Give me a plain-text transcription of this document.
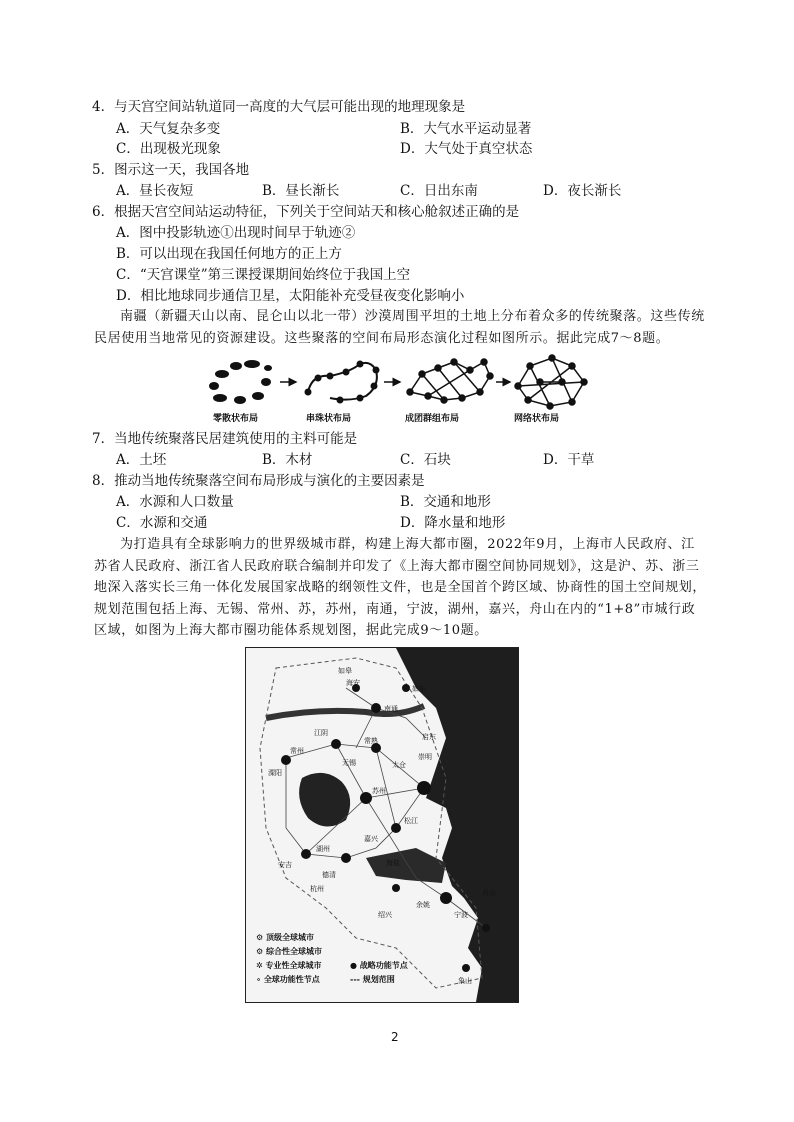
4．与天宫空间站轨道同一高度的大气层可能出现的地理现象是
A．天气复杂多变	B．大气水平运动显著
C．出现极光现象	D．大气处于真空状态
5．图示这一天，我国各地
A．昼长夜短	B．昼长渐长	C．日出东南	D．夜长渐长
6．根据天宫空间站运动特征，下列关于空间站天和核心舱叙述正确的是
A．图中投影轨迹①出现时间早于轨迹②
B．可以出现在我国任何地方的正上方
C．“天宫课堂”第三课授课期间始终位于我国上空
D．相比地球同步通信卫星，太阳能补充受昼夜变化影响小
南疆（新疆天山以南、昆仑山以北一带）沙漠周围平坦的土地上分布着众多的传统聚落。这些传统民居使用当地常见的资源建设。这些聚落的空间布局形态演化过程如图所示。据此完成7～8题。
零散状布局	串珠状布局	成团群组布局	网络状布局
7．当地传统聚落民居建筑使用的主料可能是
A．土坯	B．木材	C．石块	D．干草
8．推动当地传统聚落空间布局形成与演化的主要因素是
A．水源和人口数量	B．交通和地形
C．水源和交通	D．降水量和地形
为打造具有全球影响力的世界级城市群，构建上海大都市圈，2022年9月，上海市人民政府、江苏省人民政府、浙江省人民政府联合编制并印发了《上海大都市圈空间协同规划》，这是沪、苏、浙三地深入落实长三角一体化发展国家战略的纲领性文件，也是全国首个跨区域、协商性的国土空间规划，规划范围包括上海、无锡、常州、苏，苏州，南通，宁波，湖州，嘉兴，舟山在内的“1+8”市城行政区域，如图为上海大都市圈功能体系规划图，据此完成9～10题。
如皋
海安
如东
南通
启东
崇明
江阴
常熟
常州
无锡	太仓
溧阳
苏州
湖州
松江
嘉兴
安吉
德清
海盐
杭州
绍兴
余姚
宁波
象山
舟山
⚙ 顶级全球城市
⚙ 综合性全球城市
✲ 专业性全球城市	● 战略功能节点
∘ 全球功能性节点	--- 规划范围
2
